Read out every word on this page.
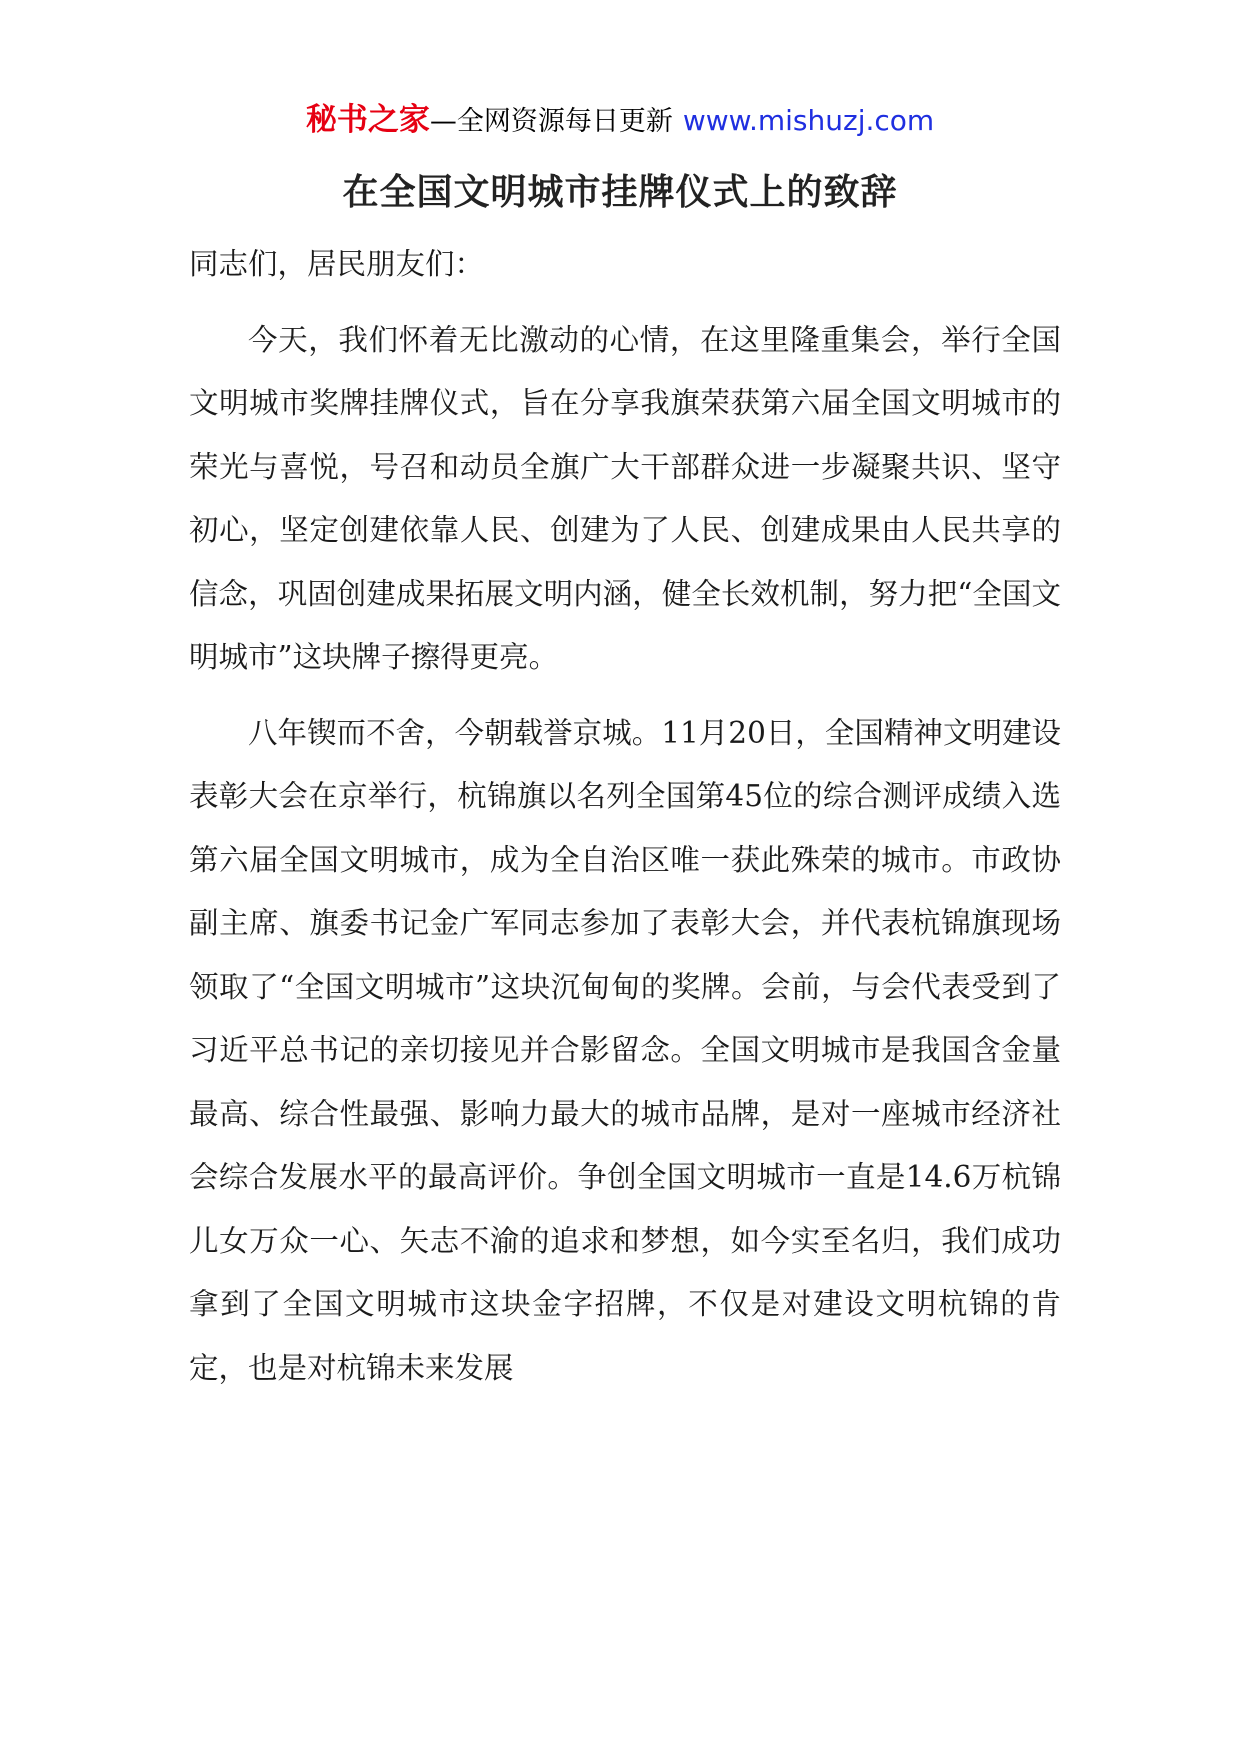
秘书之家—全网资源每日更新 www.mishuzj.com
在全国文明城市挂牌仪式上的致辞

同志们，居民朋友们：

今天，我们怀着无比激动的心情，在这里隆重集会，举行全国文明城市奖牌挂牌仪式，旨在分享我旗荣获第六届全国文明城市的荣光与喜悦，号召和动员全旗广大干部群众进一步凝聚共识、坚守初心，坚定创建依靠人民、创建为了人民、创建成果由人民共享的信念，巩固创建成果拓展文明内涵，健全长效机制，努力把“全国文明城市”这块牌子擦得更亮。

八年锲而不舍，今朝载誉京城。11月20日，全国精神文明建设表彰大会在京举行，杭锦旗以名列全国第45位的综合测评成绩入选第六届全国文明城市，成为全自治区唯一获此殊荣的城市。市政协副主席、旗委书记金广军同志参加了表彰大会，并代表杭锦旗现场领取了“全国文明城市”这块沉甸甸的奖牌。会前，与会代表受到了习近平总书记的亲切接见并合影留念。全国文明城市是我国含金量最高、综合性最强、影响力最大的城市品牌，是对一座城市经济社会综合发展水平的最高评价。争创全国文明城市一直是14.6万杭锦儿女万众一心、矢志不渝的追求和梦想，如今实至名归，我们成功拿到了全国文明城市这块金字招牌，不仅是对建设文明杭锦的肯定，也是对杭锦未来发展
